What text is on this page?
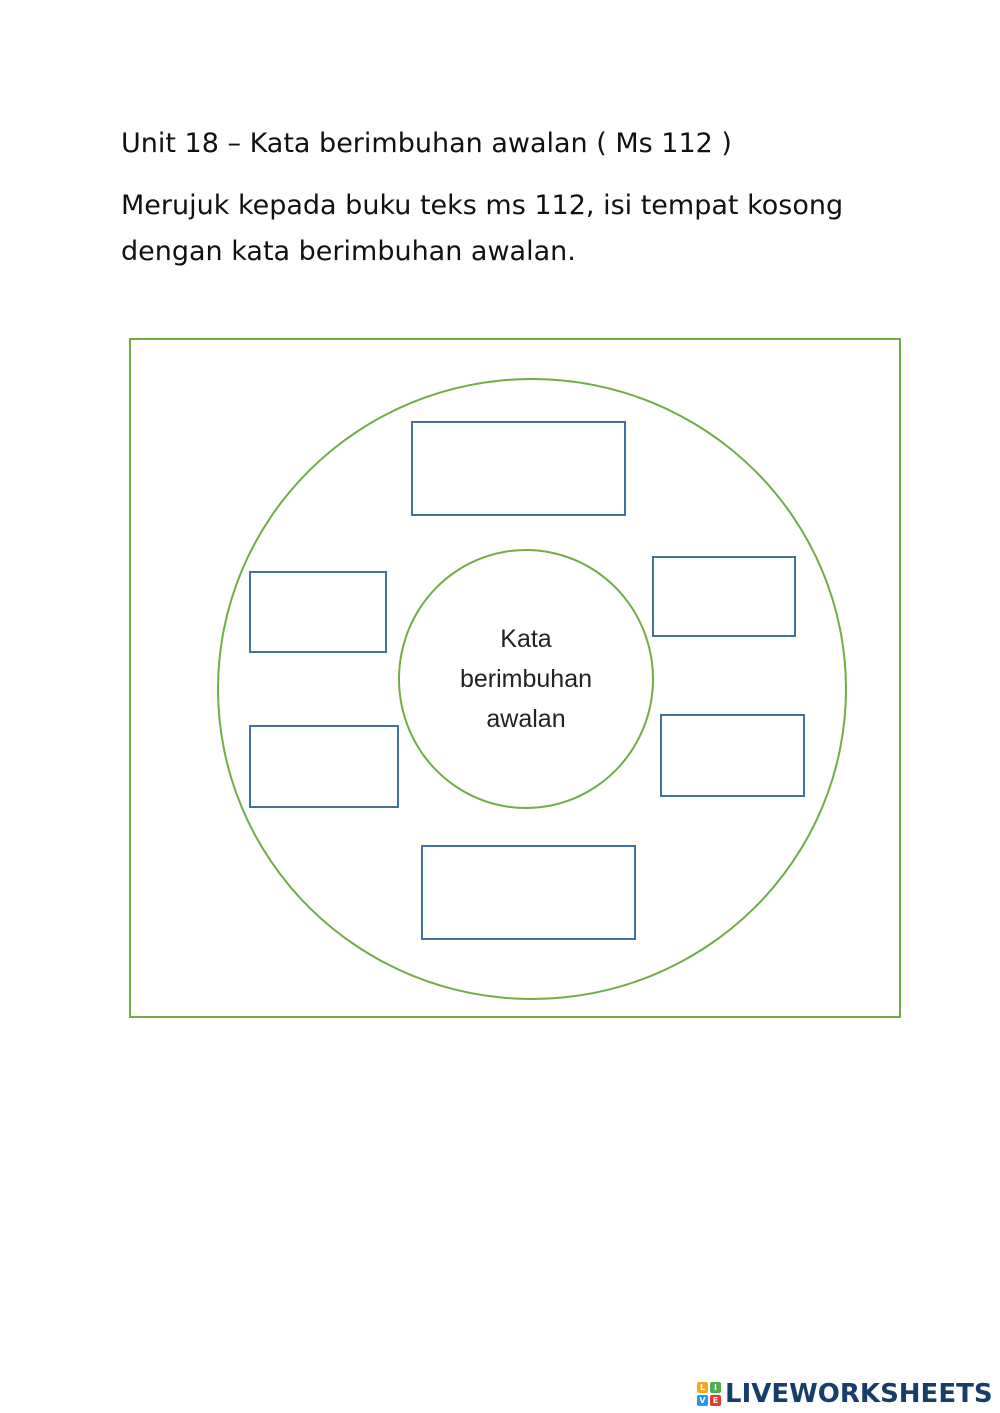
Unit 18 – Kata berimbuhan awalan ( Ms 112 )
Merujuk kepada buku teks ms 112, isi tempat kosong
dengan kata berimbuhan awalan.
Kata
berimbuhan
awalan
L	I
V E LIVEWORKSHEETS
